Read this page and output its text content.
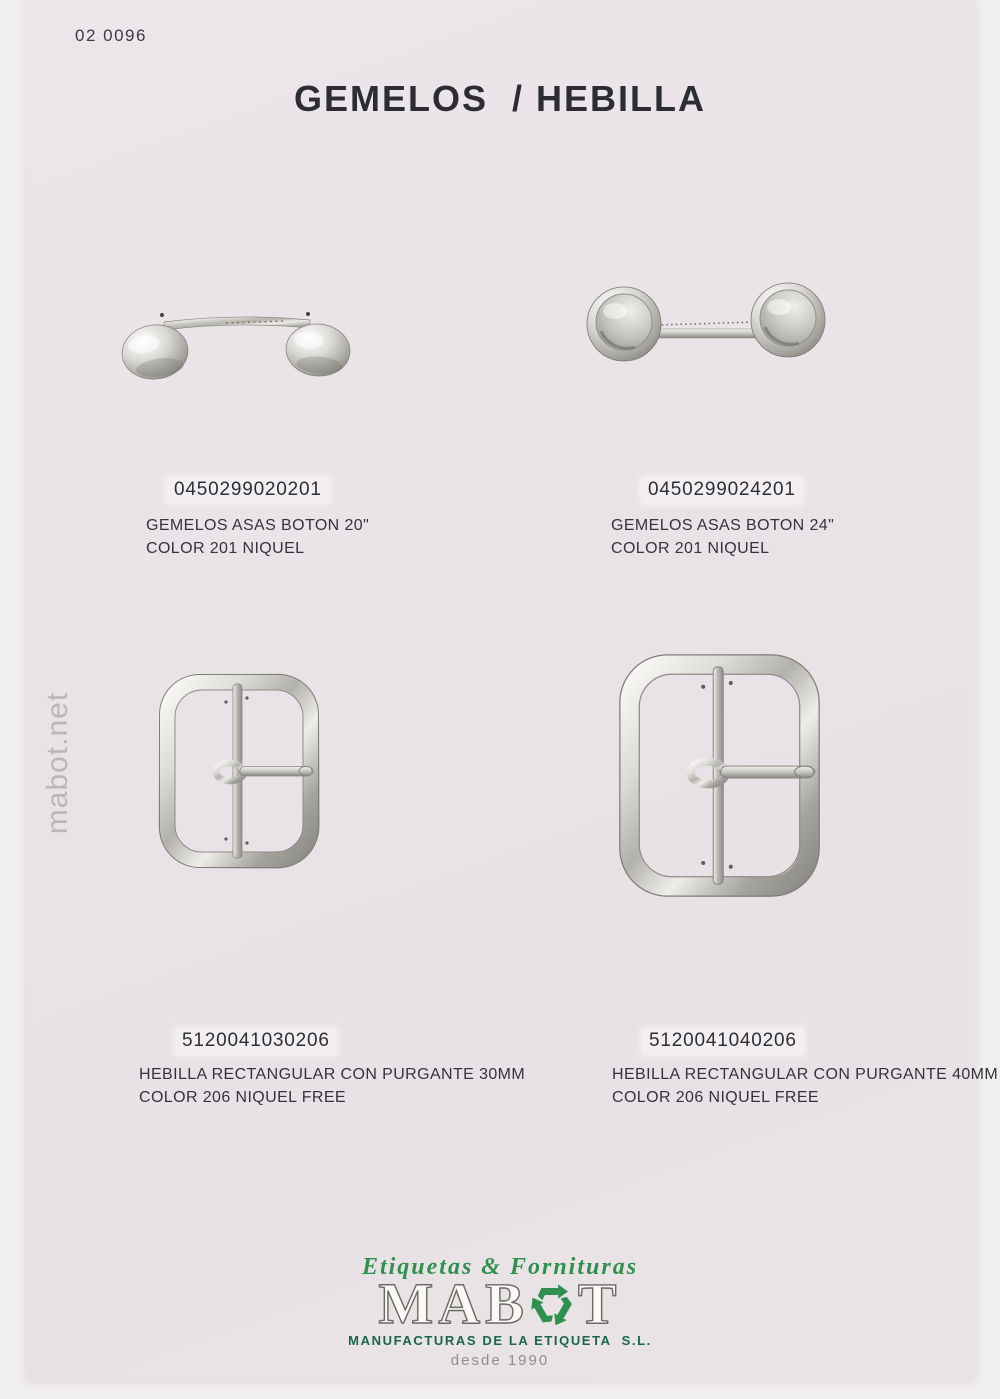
02 0096
GEMELOS  / HEBILLA
mabot.net
0450299020201	0450299024201
5120041030206	5120041040206
GEMELOS ASAS BOTON 20"
COLOR 201 NIQUEL
GEMELOS ASAS BOTON 24"
COLOR 201 NIQUEL
HEBILLA RECTANGULAR CON PURGANTE 30MM
COLOR 206 NIQUEL FREE
HEBILLA RECTANGULAR CON PURGANTE 40MM
COLOR 206 NIQUEL FREE
Etiquetas & Fornituras
MAB T
MANUFACTURAS DE LA ETIQUETA  S.L.
desde 1990
